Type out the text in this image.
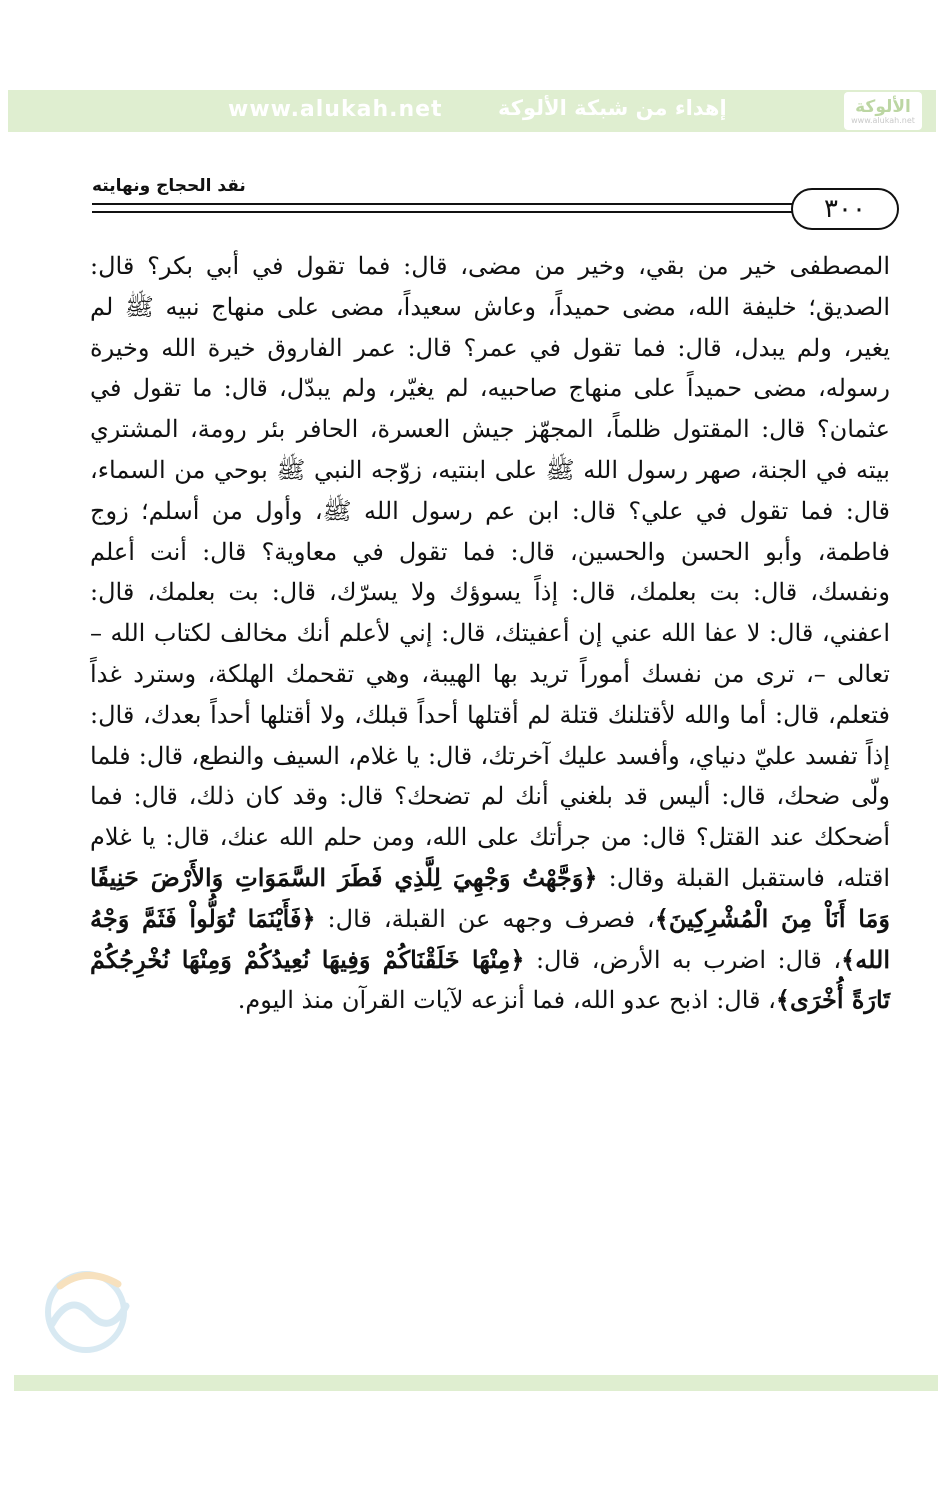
www.alukah.net	إهداء من شبكة الألوكة	الألوكة
www.alukah.net
نقد الحجاج ونهايته
٣٠٠

المصطفى خير من بقي، وخير من مضى، قال: فما تقول في أبي بكر؟ قال: الصديق؛ خليفة الله، مضى حميداً، وعاش سعيداً، مضى على منهاج نبيه ﷺ لم يغير، ولم يبدل، قال: فما تقول في عمر؟ قال: عمر الفاروق خيرة الله وخيرة رسوله، مضى حميداً على منهاج صاحبيه، لم يغيّر، ولم يبدّل، قال: ما تقول في عثمان؟ قال: المقتول ظلماً، المجهّز جيش العسرة، الحافر بئر رومة، المشتري بيته في الجنة، صهر رسول الله ﷺ على ابنتيه، زوّجه النبي ﷺ بوحي من السماء، قال: فما تقول في علي؟ قال: ابن عم رسول الله ﷺ، وأول من أسلم؛ زوج فاطمة، وأبو الحسن والحسين، قال: فما تقول في معاوية؟ قال: أنت أعلم ونفسك، قال: بت بعلمك، قال: إذاً يسوؤك ولا يسرّك، قال: بت بعلمك، قال: اعفني، قال: لا عفا الله عني إن أعفيتك، قال: إني لأعلم أنك مخالف لكتاب الله – تعالى –، ترى من نفسك أموراً تريد بها الهيبة، وهي تقحمك الهلكة، وسترد غداً فتعلم، قال: أما والله لأقتلنك قتلة لم أقتلها أحداً قبلك، ولا أقتلها أحداً بعدك، قال: إذاً تفسد عليّ دنياي، وأفسد عليك آخرتك، قال: يا غلام، السيف والنطع، قال: فلما ولّى ضحك، قال: أليس قد بلغني أنك لم تضحك؟ قال: وقد كان ذلك، قال: فما أضحكك عند القتل؟ قال: من جرأتك على الله، ومن حلم الله عنك، قال: يا غلام اقتله، فاستقبل القبلة وقال: ﴿وَجَّهْتُ وَجْهِيَ لِلَّذِي فَطَرَ السَّمَوَاتِ وَالأَرْضَ حَنِيفًا وَمَا أَنَاْ مِنَ الْمُشْرِكِينَ﴾، فصرف وجهه عن القبلة، قال: ﴿فَأَيْنَمَا تُوَلُّواْ فَثَمَّ وَجْهُ الله﴾، قال: اضرب به الأرض، قال: ﴿مِنْهَا خَلَقْنَاكُمْ وَفِيهَا نُعِيدُكُمْ وَمِنْهَا نُخْرِجُكُمْ تَارَةً أُخْرَى﴾، قال: اذبح عدو الله، فما أنزعه لآيات القرآن منذ اليوم.
